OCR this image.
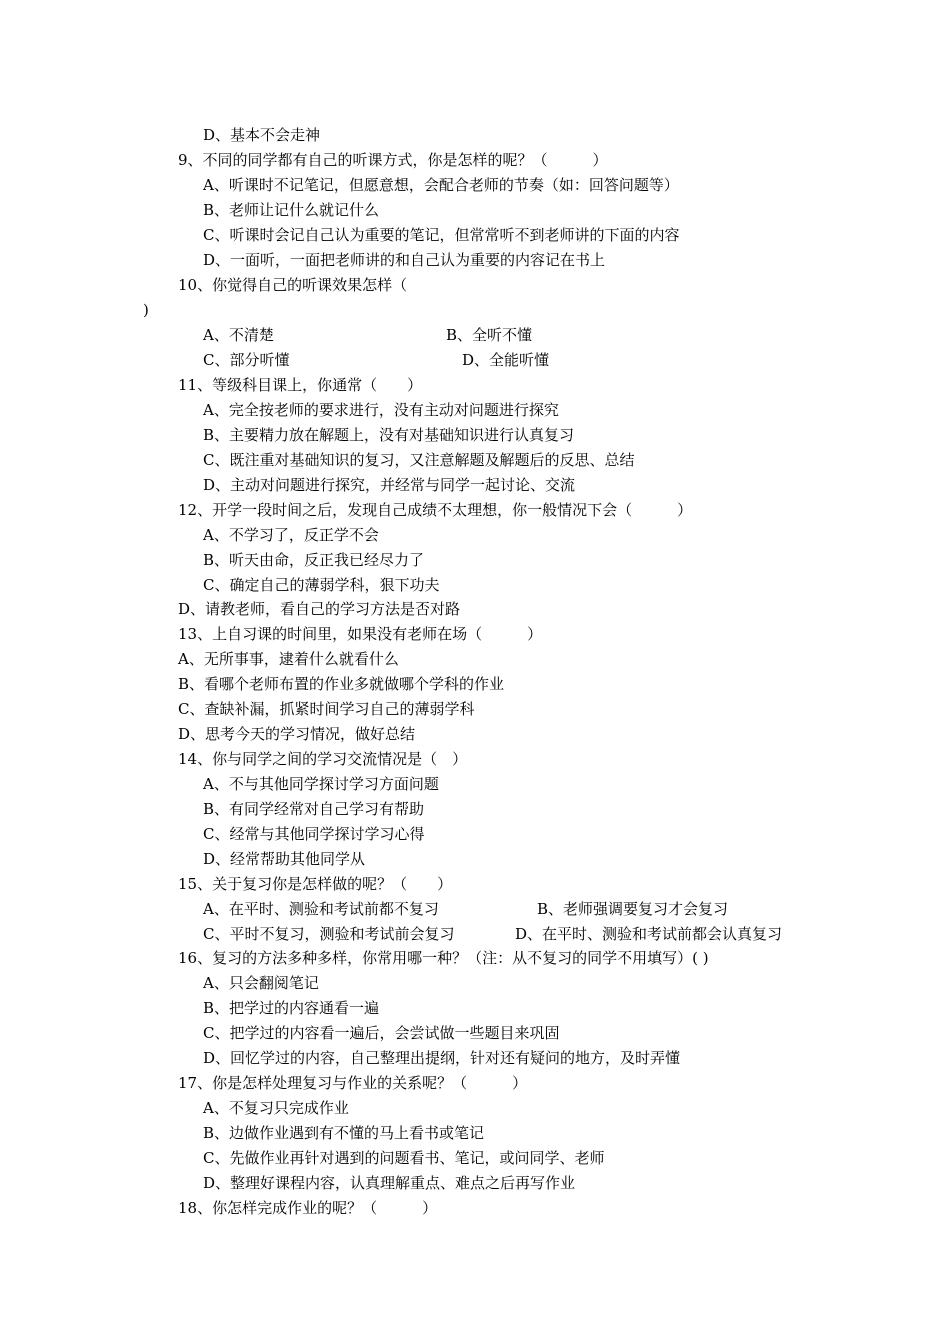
D、基本不会走神
9、不同的同学都有自己的听课方式，你是怎样的呢？（　　　）
A、听课时不记笔记，但愿意想，会配合老师的节奏（如：回答问题等）
B、老师让记什么就记什么
C、听课时会记自己认为重要的笔记，但常常听不到老师讲的下面的内容
D、一面听，一面把老师讲的和自己认为重要的内容记在书上
10、你觉得自己的听课效果怎样（
)
A、不清楚	B、全听不懂
C、部分听懂	D、全能听懂
11、等级科目课上，你通常（　　）
A、完全按老师的要求进行，没有主动对问题进行探究
B、主要精力放在解题上，没有对基础知识进行认真复习
C、既注重对基础知识的复习，又注意解题及解题后的反思、总结
D、主动对问题进行探究，并经常与同学一起讨论、交流
12、开学一段时间之后，发现自己成绩不太理想，你一般情况下会（　　　）
A、不学习了，反正学不会
B、听天由命，反正我已经尽力了
C、确定自己的薄弱学科，狠下功夫
D、请教老师，看自己的学习方法是否对路
13、上自习课的时间里，如果没有老师在场（　　　）
A、无所事事，逮着什么就看什么
B、看哪个老师布置的作业多就做哪个学科的作业
C、查缺补漏，抓紧时间学习自己的薄弱学科
D、思考今天的学习情况，做好总结
14、你与同学之间的学习交流情况是（　）
A、不与其他同学探讨学习方面问题
B、有同学经常对自己学习有帮助
C、经常与其他同学探讨学习心得
D、经常帮助其他同学从
15、关于复习你是怎样做的呢？（　　）
A、在平时、测验和考试前都不复习	B、老师强调要复习才会复习
C、平时不复习，测验和考试前会复习	D、在平时、测验和考试前都会认真复习
16、复习的方法多种多样，你常用哪一种？（注：从不复习的同学不用填写）( )
A、只会翻阅笔记
B、把学过的内容通看一遍
C、把学过的内容看一遍后，会尝试做一些题目来巩固
D、回忆学过的内容，自己整理出提纲，针对还有疑问的地方，及时弄懂
17、你是怎样处理复习与作业的关系呢？（　　　）
A、不复习只完成作业
B、边做作业遇到有不懂的马上看书或笔记
C、先做作业再针对遇到的问题看书、笔记，或问同学、老师
D、整理好课程内容，认真理解重点、难点之后再写作业
18、你怎样完成作业的呢？（　　　）
